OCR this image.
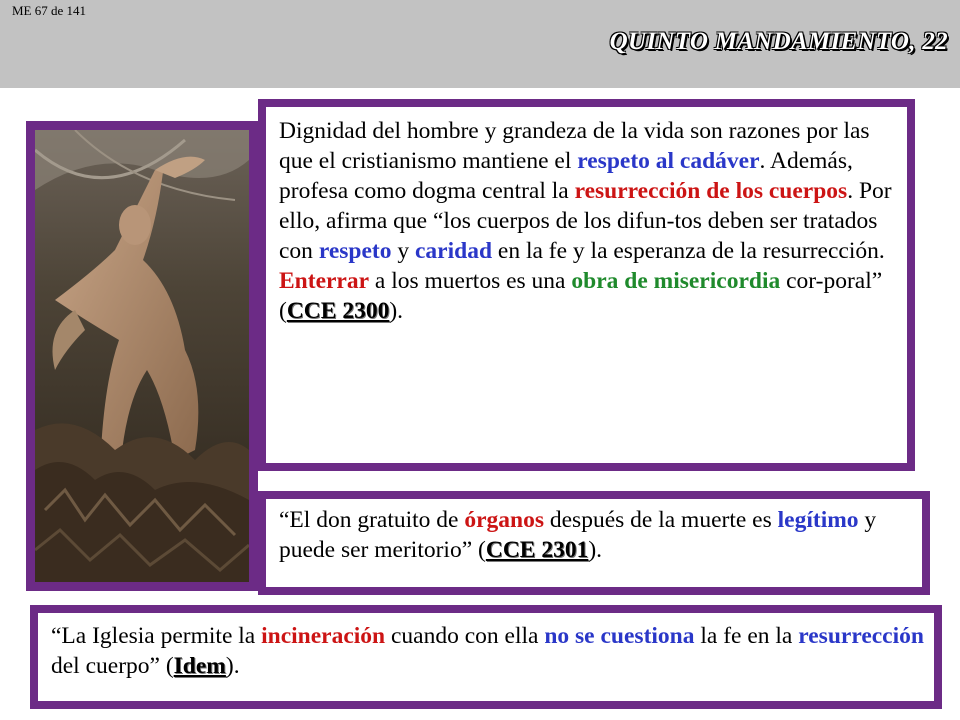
ME 67 de 141
QUINTO MANDAMIENTO, 22
Dignidad del hombre y grandeza de la vida son razones por las que el cristianismo mantiene el respeto al cadáver. Además, profesa como dogma central la resurrección de los cuerpos. Por ello, afirma que “los cuerpos de los difun-tos deben ser tratados con respeto y caridad en la fe y la esperanza de la resurrección. Enterrar a los muertos es una obra de misericordia cor-poral” (CCE 2300).
“El don gratuito de órganos después de la muerte es legítimo y puede ser meritorio” (CCE 2301).
“La Iglesia permite la incineración cuando con ella no se cuestiona la fe en la resurrección del cuerpo” (Idem).
